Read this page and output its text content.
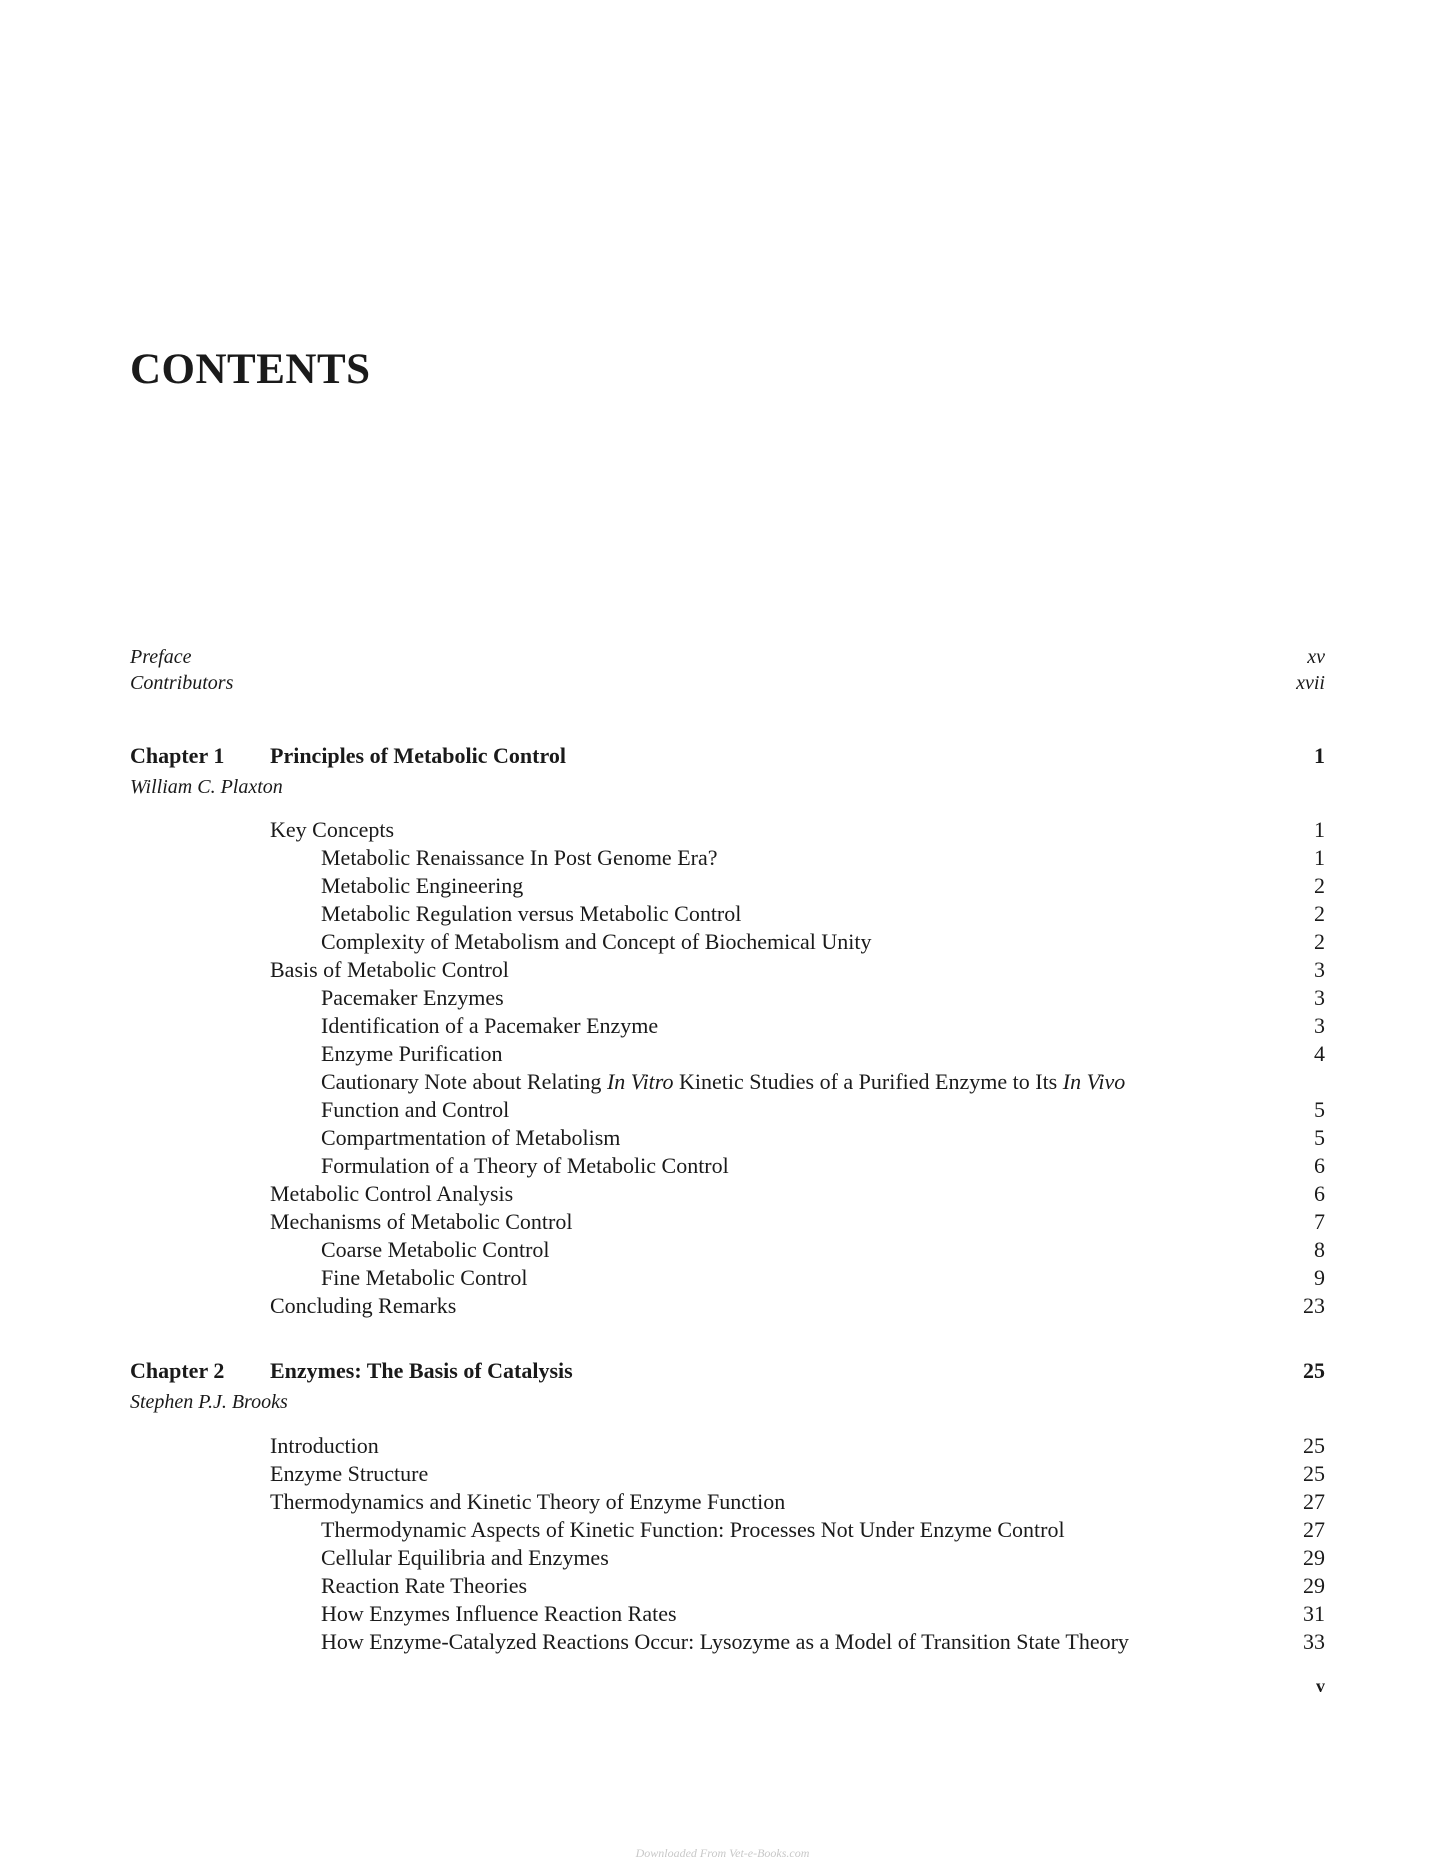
CONTENTS
Preface	xv
Contributors	xvii
Chapter 1 Principles of Metabolic Control	1
William C. Plaxton
Key Concepts	1
Metabolic Renaissance In Post Genome Era?	1
Metabolic Engineering	2
Metabolic Regulation versus Metabolic Control	2
Complexity of Metabolism and Concept of Biochemical Unity	2
Basis of Metabolic Control	3
Pacemaker Enzymes	3
Identification of a Pacemaker Enzyme	3
Enzyme Purification	4
Cautionary Note about Relating In Vitro Kinetic Studies of a Purified Enzyme to Its In Vivo
Function and Control	5
Compartmentation of Metabolism	5
Formulation of a Theory of Metabolic Control	6
Metabolic Control Analysis	6
Mechanisms of Metabolic Control	7
Coarse Metabolic Control	8
Fine Metabolic Control	9
Concluding Remarks	23
Chapter 2 Enzymes: The Basis of Catalysis	25
Stephen P.J. Brooks
Introduction	25
Enzyme Structure	25
Thermodynamics and Kinetic Theory of Enzyme Function	27
Thermodynamic Aspects of Kinetic Function: Processes Not Under Enzyme Control	27
Cellular Equilibria and Enzymes	29
Reaction Rate Theories	29
How Enzymes Influence Reaction Rates	31
How Enzyme-Catalyzed Reactions Occur: Lysozyme as a Model of Transition State Theory	33
v
Downloaded From Vet-e-Books.com
